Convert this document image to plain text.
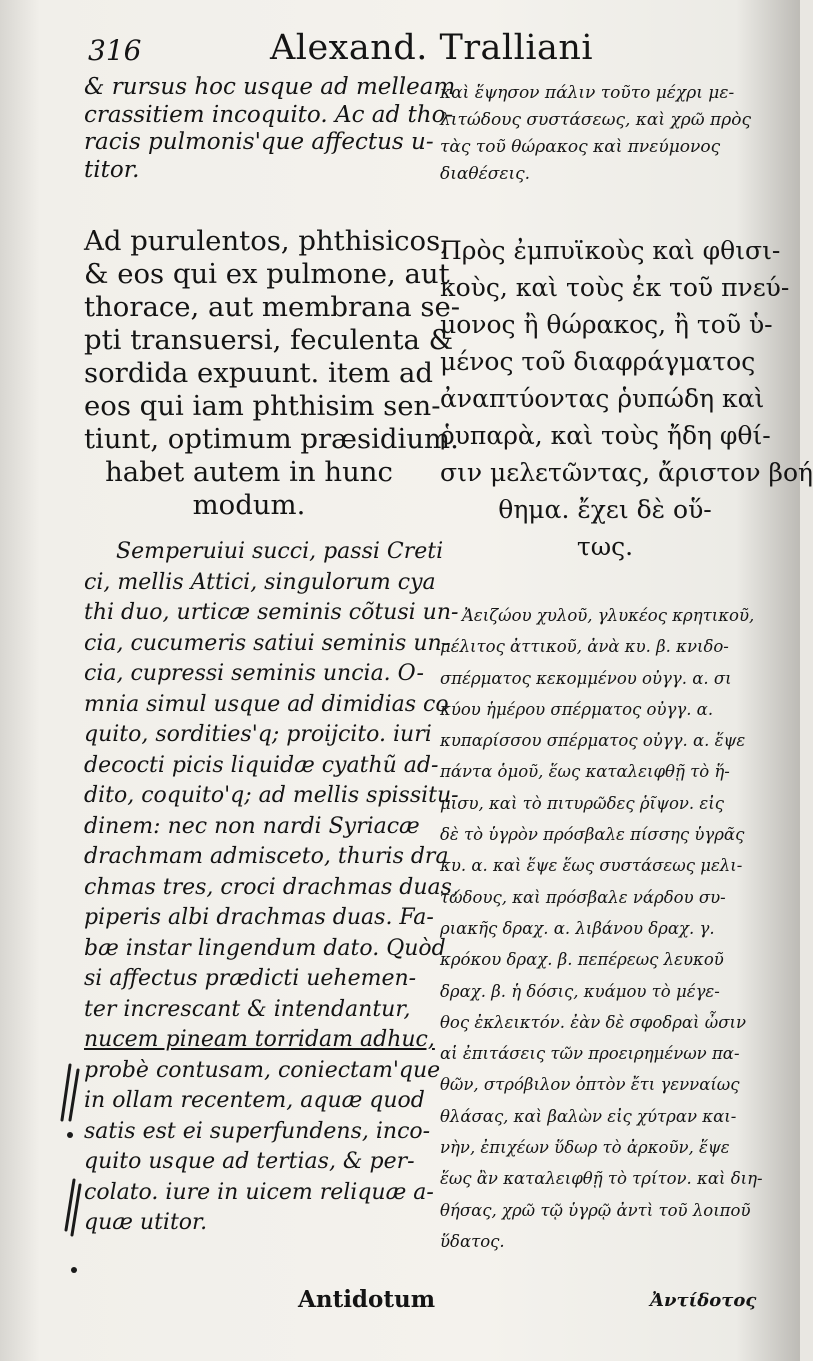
316	Alexand. Tralliani
& rursus hoc usque ad melleam
crassitiem incoquito. Ac ad tho-
racis pulmonis'que affectus u-
titor.
Ad purulentos, phthisicos,
& eos qui ex pulmone, aut
thorace, aut membrana se-
pti transuersi, feculenta &
sordida expuunt. item ad
eos qui iam phthisim sen-
tiunt, optimum præsidium.
habet autem in hunc
modum.
Semperuiui succi, passi Creti
ci, mellis Attici, singulorum cya
thi duo, urticæ seminis cõtusi un-
cia, cucumeris satiui seminis un-
cia, cupressi seminis uncia. O-
mnia simul usque ad dimidias co
quito, sordities'q; proijcito. iuri
decocti picis liquidæ cyathũ ad-
dito, coquito'q; ad mellis spissitu-
dinem: nec non nardi Syriacæ
drachmam admisceto, thuris dra
chmas tres, croci drachmas duas,
piperis albi drachmas duas. Fa-
bæ instar lingendum dato. Quòd
si affectus prædicti uehemen-
ter increscant & intendantur,
nucem pineam torridam adhuc,
probè contusam, coniectam'que
in ollam recentem, aquæ quod
satis est ei superfundens, inco-
quito usque ad tertias, & per-
colato. iure in uicem reliquæ a-
quæ utitor.
Antidotum
καὶ ἕψησον πάλιν τοῦτο μέχρι με-
λιτώδους συστάσεως, καὶ χρῶ πρὸς
τὰς τοῦ θώρακος καὶ πνεύμονος
διαθέσεις.
Πρὸς ἐμπυϊκοὺς καὶ φθισι-
κοὺς, καὶ τοὺς ἐκ τοῦ πνεύ-
μονος ἢ θώρακος, ἢ τοῦ ὑ-
μένος τοῦ διαφράγματος
ἀναπτύοντας ῥυπώδη καὶ
ῥυπαρὰ, καὶ τοὺς ἤδη φθί-
σιν μελετῶντας, ἄριστον βοή
θημα. ἔχει δὲ οὕ-
τως.
Ἀειζώου χυλοῦ, γλυκέος κρητικοῦ,
μέλιτος ἀττικοῦ, ἀνὰ κυ. β. κνιδο-
σπέρματος κεκομμένου οὐγγ. α. σι
κύου ἡμέρου σπέρματος οὐγγ. α.
κυπαρίσσου σπέρματος οὐγγ. α. ἕψε
πάντα ὁμοῦ, ἕως καταλειφθῇ τὸ ἥ-
μισυ, καὶ τὸ πιτυρῶδες ῥῖψον. εἰς
δὲ τὸ ὑγρὸν πρόσβαλε πίσσης ὑγρᾶς
κυ. α. καὶ ἕψε ἕως συστάσεως μελι-
τώδους, καὶ πρόσβαλε νάρδου συ-
ριακῆς δραχ. α. λιβάνου δραχ. γ.
κρόκου δραχ. β. πεπέρεως λευκοῦ
δραχ. β. ἡ δόσις, κυάμου τὸ μέγε-
θος ἐκλεικτόν. ἐὰν δὲ σφοδραὶ ὦσιν
αἱ ἐπιτάσεις τῶν προειρημένων πα-
θῶν, στρόβιλον ὀπτὸν ἔτι γενναίως
θλάσας, καὶ βαλὼν εἰς χύτραν και-
νὴν, ἐπιχέων ὕδωρ τὸ ἀρκοῦν, ἕψε
ἕως ἂν καταλειφθῇ τὸ τρίτον. καὶ διη-
θήσας, χρῶ τῷ ὑγρῷ ἀντὶ τοῦ λοιποῦ
ὕδατος.
Ἀντίδοτος
